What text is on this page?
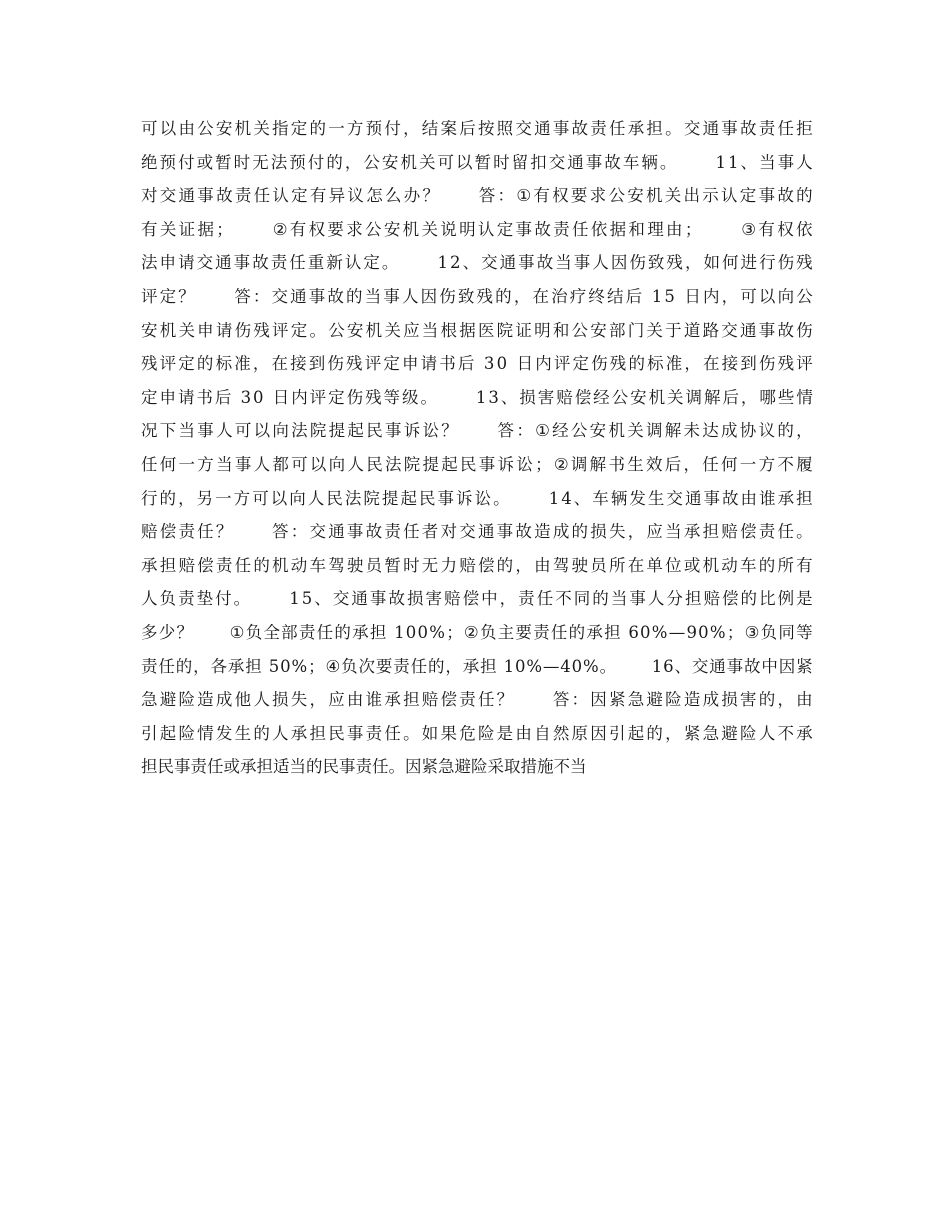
可 以 由 公 安 机 关 指 定 的 一 方 预 付 ， 结 案 后 按 照 交 通 事 故 责 任 承 担 。 交 通 事 故 责 任 拒
绝 预 付 或 暂 时 无 法 预 付 的 ， 公 安 机 关 可 以 暂 时 留 扣 交 通 事 故 车 辆 。

　 1 1 、 当 事 人
对 交 通 事 故 责 任 认 定 有 异 议 怎 么 办 ？

　 答 ： ① 有 权 要 求 公 安 机 关 出 示 认 定 事 故 的
有 关 证 据 ；

　 ② 有 权 要 求 公 安 机 关 说 明 认 定 事 故 责 任 依 据 和 理 由 ；

　 ③ 有 权 依
法 申 请 交 通 事 故 责 任 重 新 认 定 。

　 1 2 、 交 通 事 故 当 事 人 因 伤 致 残 ， 如 何 进 行 伤 残
评 定 ？

　 答 ： 交 通 事 故 的 当 事 人 因 伤 致 残 的 ， 在 治 疗 终 结 后
1 5
日 内 ， 可 以 向 公
安 机 关 申 请 伤 残 评 定 。 公 安 机 关 应 当 根 据 医 院 证 明 和 公 安 部 门 关 于 道 路 交 通 事 故 伤
残 评 定 的 标 准 ， 在 接 到 伤 残 评 定 申 请 书 后
3 0
日 内 评 定 伤 残 的 标 准 ， 在 接 到 伤 残 评
定 申 请 书 后
3 0
日 内 评 定 伤 残 等 级 。

　 1 3 、 损 害 赔 偿 经 公 安 机 关 调 解 后 ， 哪 些 情
况 下 当 事 人 可 以 向 法 院 提 起 民 事 诉 讼 ？

　 答 ： ① 经 公 安 机 关 调 解 未 达 成 协 议 的 ，
任 何 一 方 当 事 人 都 可 以 向 人 民 法 院 提 起 民 事 诉 讼 ； ② 调 解 书 生 效 后 ， 任 何 一 方 不 履
行 的 ， 另 一 方 可 以 向 人 民 法 院 提 起 民 事 诉 讼 。

　 1 4 、 车 辆 发 生 交 通 事 故 由 谁 承 担
赔 偿 责 任 ？

　 答 ： 交 通 事 故 责 任 者 对 交 通 事 故 造 成 的 损 失 ， 应 当 承 担 赔 偿 责 任 。
承 担 赔 偿 责 任 的 机 动 车 驾 驶 员 暂 时 无 力 赔 偿 的 ， 由 驾 驶 员 所 在 单 位 或 机 动 车 的 所 有
人 负 责 垫 付 。

　 1 5 、 交 通 事 故 损 害 赔 偿 中 ， 责 任 不 同 的 当 事 人 分 担 赔 偿 的 比 例 是
多 少 ？

　 ① 负 全 部 责 任 的 承 担
1 0 0 % ； ② 负 主 要 责 任 的 承 担
6 0 % — 9 0 % ； ③ 负 同 等
责 任 的 ， 各 承 担
5 0 % ； ④ 负 次 要 责 任 的 ， 承 担
1 0 % — 4 0 % 。

　 1 6 、 交 通 事 故 中 因 紧
急 避 险 造 成 他 人 损 失 ， 应 由 谁 承 担 赔 偿 责 任 ？

　 答 ： 因 紧 急 避 险 造 成 损 害 的 ， 由
引 起 险 情 发 生 的 人 承 担 民 事 责 任 。 如 果 危 险 是 由 自 然 原 因 引 起 的 ， 紧 急 避 险 人 不 承
担民事责任或承担适当的民事责任。因紧急避险采取措施不当
